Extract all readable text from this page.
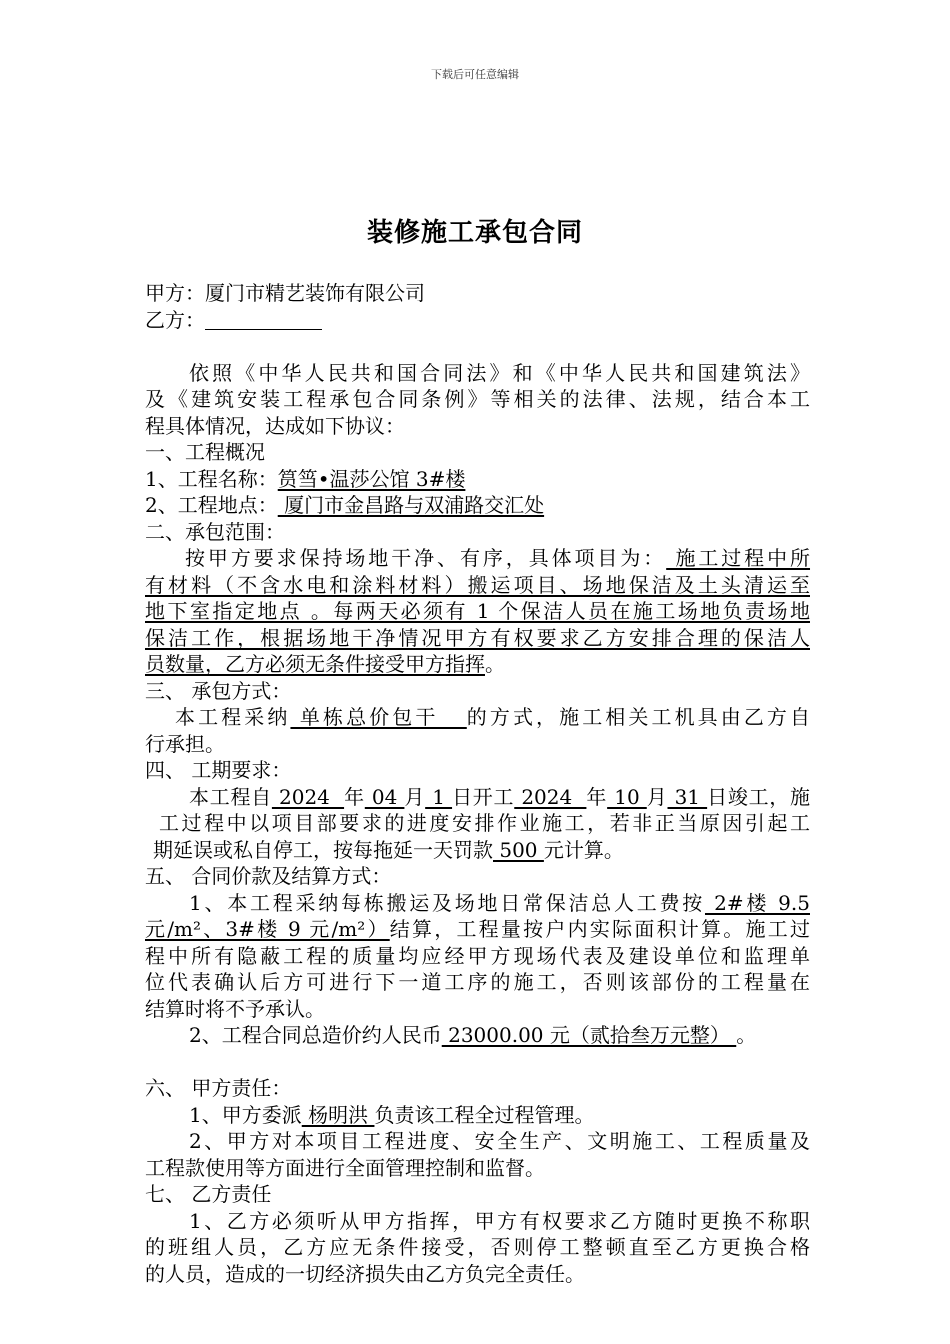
下载后可任意编辑
装修施工承包合同
甲方：厦门市精艺装饰有限公司
乙方：
依照《中华人民共和国合同法》和《中华人民共和国建筑法》
及《建筑安装工程承包合同条例》等相关的法律、法规，结合本工
程具体情况，达成如下协议：
一、工程概况
1、工程名称：筼筜•温莎公馆 3#楼
2、工程地点： 厦门市金昌路与双浦路交汇处
二、承包范围：
按甲方要求保持场地干净、有序，具体项目为： 施工过程中所
有材料（不含水电和涂料材料）搬运项目、场地保洁及土头清运至
地下室指定地点 。每两天必须有 1 个保洁人员在施工场地负责场地
保洁工作，根据场地干净情况甲方有权要求乙方安排合理的保洁人
员数量，乙方必须无条件接受甲方指挥。
三、 承包方式：
本工程采纳 单栋总价包干   的方式，施工相关工机具由乙方自
行承担。
四、 工期要求：
本工程自 2024  年 04 月 1 日开工 2024  年 10 月 31 日竣工，施
工过程中以项目部要求的进度安排作业施工，若非正当原因引起工
期延误或私自停工，按每拖延一天罚款 500 元计算。
五、 合同价款及结算方式：
1、本工程采纳每栋搬运及场地日常保洁总人工费按 2#楼 9.5
元/m²、3#楼 9 元/m²）结算，工程量按户内实际面积计算。施工过
程中所有隐蔽工程的质量均应经甲方现场代表及建设单位和监理单
位代表确认后方可进行下一道工序的施工，否则该部份的工程量在
结算时将不予承认。
2、工程合同总造价约人民币 23000.00 元（贰拾叁万元整） 。
六、 甲方责任：
1、甲方委派 杨明洪 负责该工程全过程管理。
2、甲方对本项目工程进度、安全生产、文明施工、工程质量及
工程款使用等方面进行全面管理控制和监督。
七、 乙方责任
1、乙方必须听从甲方指挥，甲方有权要求乙方随时更换不称职
的班组人员，乙方应无条件接受，否则停工整顿直至乙方更换合格
的人员，造成的一切经济损失由乙方负完全责任。
